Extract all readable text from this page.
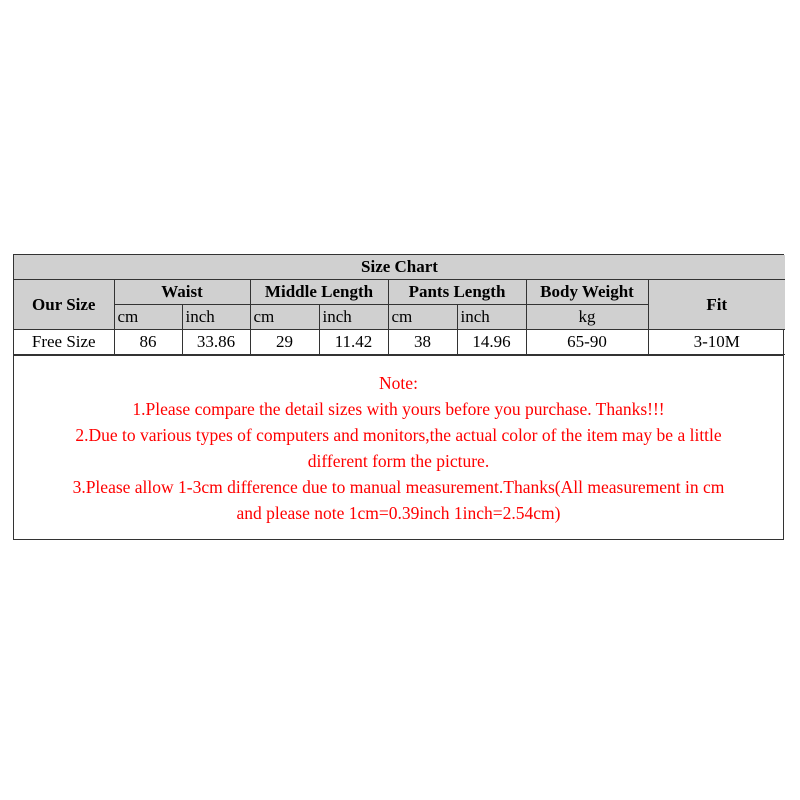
Size Chart								
Our Size	Waist		Middle Length		Pants Length		Body Weight	Fit
	cm	inch	cm	inch	cm	inch	kg	
Free Size	86	33.86	29	11.42	38	14.96	65-90	3-10M
Note:
1.Please compare the detail sizes with yours before you purchase. Thanks!!!
2.Due to various types of computers and monitors,the actual color of the item may be a little
different form the picture.
3.Please allow 1-3cm difference due to manual measurement.Thanks(All measurement in cm
and please note 1cm=0.39inch 1inch=2.54cm)
